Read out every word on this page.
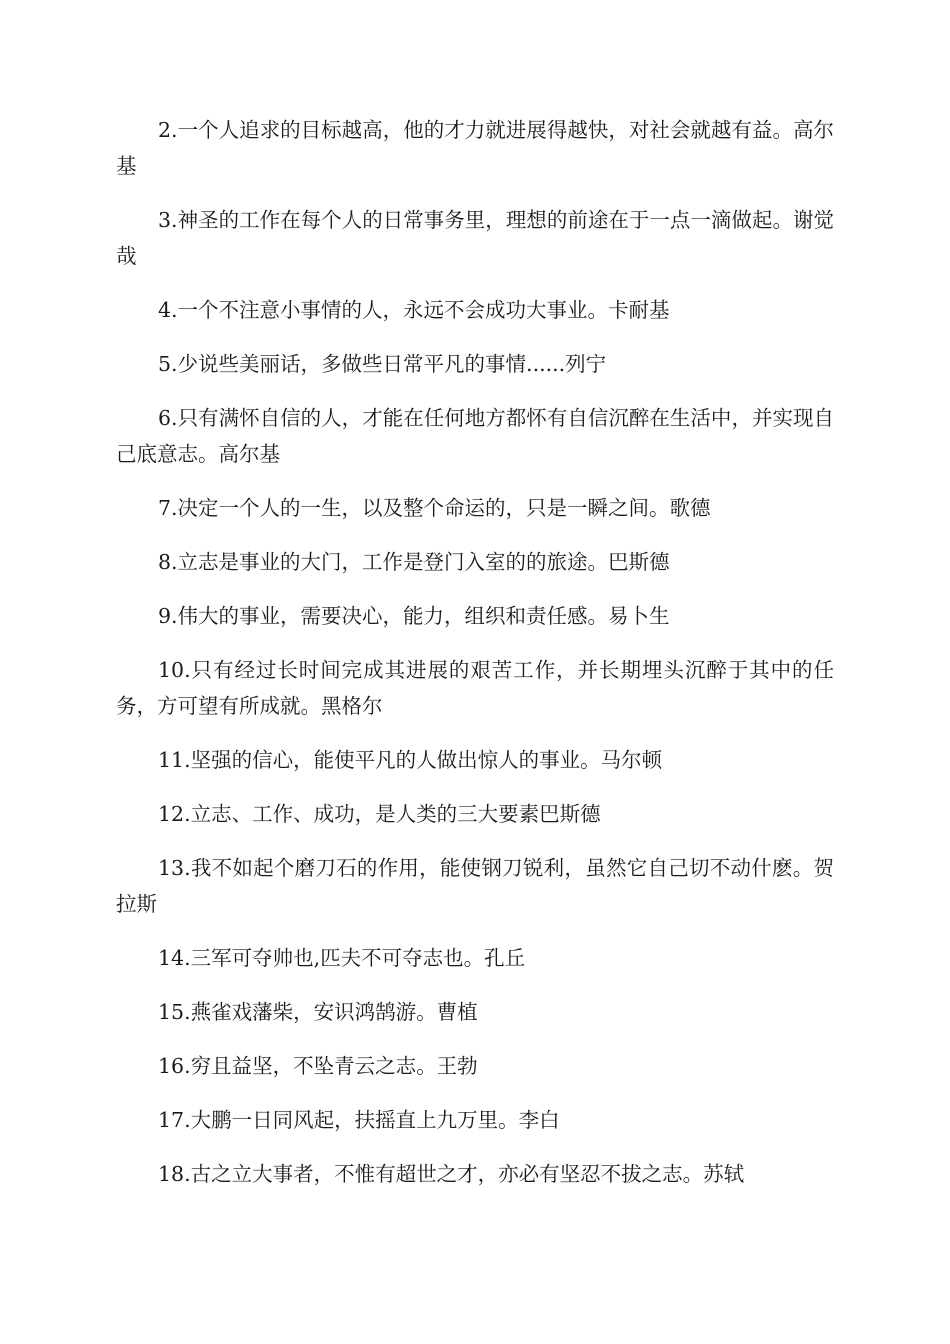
2.一个人追求的目标越高，他的才力就进展得越快，对社会就越有益。高尔基

3.神圣的工作在每个人的日常事务里，理想的前途在于一点一滴做起。谢觉哉

4.一个不注意小事情的人，永远不会成功大事业。卡耐基

5.少说些美丽话，多做些日常平凡的事情......列宁

6.只有满怀自信的人，才能在任何地方都怀有自信沉醉在生活中，并实现自己底意志。高尔基

7.决定一个人的一生，以及整个命运的，只是一瞬之间。歌德

8.立志是事业的大门，工作是登门入室的的旅途。巴斯德

9.伟大的事业，需要决心，能力，组织和责任感。易卜生

10.只有经过长时间完成其进展的艰苦工作，并长期埋头沉醉于其中的任务，方可望有所成就。黑格尔

11.坚强的信心，能使平凡的人做出惊人的事业。马尔顿

12.立志、工作、成功，是人类的三大要素巴斯德

13.我不如起个磨刀石的作用，能使钢刀锐利，虽然它自己切不动什麽。贺拉斯

14.三军可夺帅也,匹夫不可夺志也。孔丘

15.燕雀戏藩柴，安识鸿鹄游。曹植

16.穷且益坚，不坠青云之志。王勃

17.大鹏一日同风起，扶摇直上九万里。李白

18.古之立大事者，不惟有超世之才，亦必有坚忍不拔之志。苏轼
